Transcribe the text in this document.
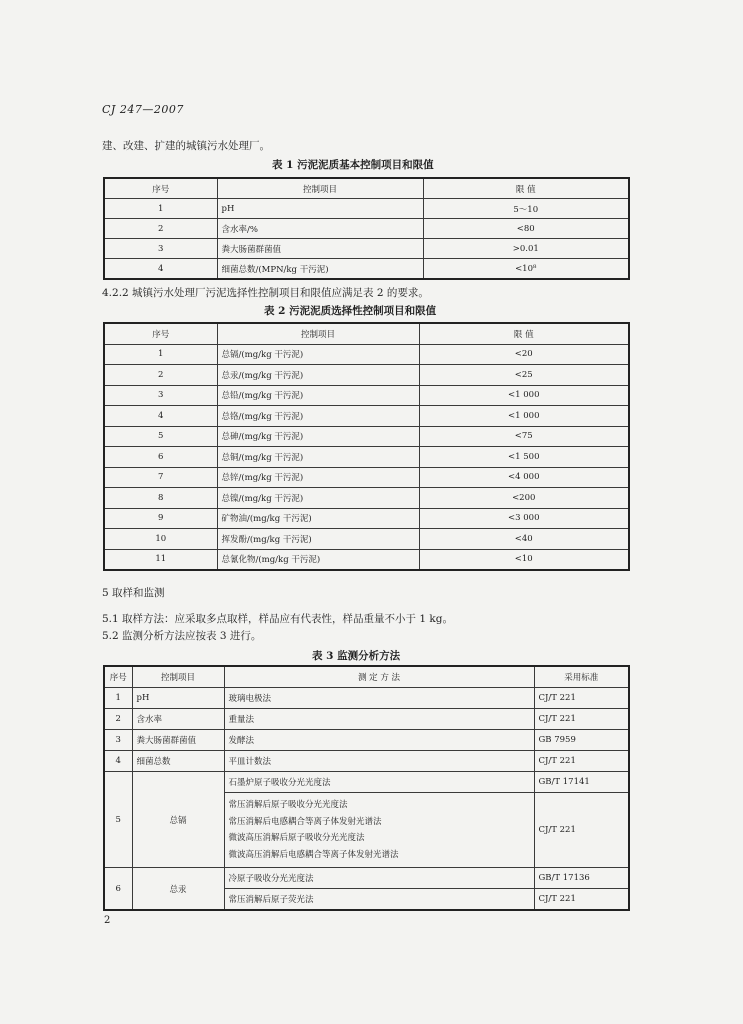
CJ 247—2007
建、改建、扩建的城镇污水处理厂。
表 1 污泥泥质基本控制项目和限值
序号	控制项目	限 值
1	pH	5～10
2	含水率/%	<80
3	粪大肠菌群菌值	>0.01
4	细菌总数/(MPN/kg 干污泥)	<10⁸
4.2.2 城镇污水处理厂污泥选择性控制项目和限值应满足表 2 的要求。
表 2 污泥泥质选择性控制项目和限值
序号	控制项目	限 值
1	总镉/(mg/kg 干污泥)	<20
2	总汞/(mg/kg 干污泥)	<25
3	总铅/(mg/kg 干污泥)	<1 000
4	总铬/(mg/kg 干污泥)	<1 000
5	总砷/(mg/kg 干污泥)	<75
6	总铜/(mg/kg 干污泥)	<1 500
7	总锌/(mg/kg 干污泥)	<4 000
8	总镍/(mg/kg 干污泥)	<200
9	矿物油/(mg/kg 干污泥)	<3 000
10	挥发酚/(mg/kg 干污泥)	<40
11	总氰化物/(mg/kg 干污泥)	<10
5 取样和监测
5.1 取样方法：应采取多点取样，样品应有代表性，样品重量不小于 1 kg。
5.2 监测分析方法应按表 3 进行。
表 3 监测分析方法
序号	控制项目	测 定 方 法	采用标准
1	pH	玻璃电极法	CJ/T 221
2	含水率	重量法	CJ/T 221
3	粪大肠菌群菌值	发酵法	GB 7959
4	细菌总数	平皿计数法	CJ/T 221
5	总镉	石墨炉原子吸收分光光度法	GB/T 17141

		常压消解后原子吸收分光光度法
常压消解后电感耦合等离子体发射光谱法
微波高压消解后原子吸收分光光度法
微波高压消解后电感耦合等离子体发射光谱法	CJ/T 221
6	总汞	冷原子吸收分光光度法	GB/T 17136
		常压消解后原子荧光法	CJ/T 221
2
